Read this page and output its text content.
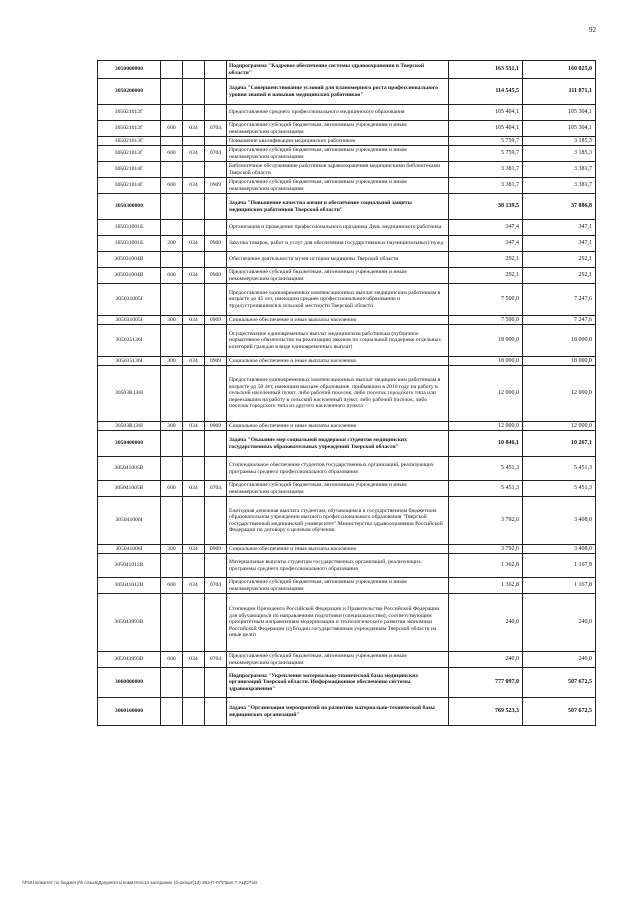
92
3050000000				Подпрограмма "Кадровое обеспечение системы здравоохранения в Тверской области"	163 531,1	160 025,0
3050200000				Задача "Совершенствование условий для планомерного роста профессионального уровня знаний и навыков медицинских работников"	114 545,5	111 871,1
305021012Г				Предоставление среднего профессионального медицинского образования	105 404,1	105 304,1
305021012Г	600	034	0704	Предоставление субсидий бюджетным, автономным учреждениям и иным некоммерческим организациям	105 404,1	105 304,1
305021013Г				Повышение квалификации медицинских работников	5 759,7	3 185,3
305021013Г	600	034	0704	Предоставление субсидий бюджетным, автономным учреждениям и иным некоммерческим организациям	5 759,7	3 185,3
305021014Г				Библиотечное обслуживание работников здравоохранения медицинскими библиотеками Тверской области	3 381,7	3 381,7
305021014Г	600	034	0909	Предоставление субсидий бюджетным, автономным учреждениям и иным некоммерческим организациям	3 381,7	3 381,7
3050300000				Задача "Повышение качества жизни и обеспечение социальной защиты медицинских работников Тверской области"	38 139,5	37 886,8
305031001Б				Организация и проведение профессионального праздника День медицинского работника	347,4	347,1
305031001Б	200	034	0909	Закупка товаров, работ и услуг для обеспечения государственных (муниципальных) нужд	347,4	347,1
305031004В				Обеспечение деятельности музея истории медицины Тверской области	292,1	292,1
305031004В	600	034	0909	Предоставление субсидий бюджетным, автономным учреждениям и иным некоммерческим организациям	292,1	292,1
305031005І				Предоставление единовременных компенсационных выплат медицинским работникам в возрасте до 45 лет, имеющим среднее профессиональное образование и трудоустроившимся в сельской местности Тверской области	7 500,0	7 247,6
305031005І	300	034	0909	Социальное обеспечение и иные выплаты населению	7 500,0	7 247,6
305035136І				Осуществление единовременных выплат медицинским работникам (публичное нормативное обязательство на реализацию законов по социальной поддержке отдельных категорий граждан в виде единовременных выплат)	18 000,0	18 000,0
305035136І	300	034	0909	Социальное обеспечение и иные выплаты населению	18 000,0	18 000,0
30503R136І				Предоставление единовременных компенсационных выплат медицинским работникам в возрасте до 50 лет, имеющим высшее образование, прибывшим в 2016 году на работу в сельский населенный пункт, либо рабочий поселок, либо поселок городского типа или переехавшим на работу в сельский населенный пункт, либо рабочий поселок, либо поселок городского типа из другого населенного пункта	12 000,0	12 000,0
30503R136І	300	034	0909	Социальное обеспечение и иные выплаты населению	12 000,0	12 000,0
3050400000				Задача "Оказание мер социальной поддержки студентов медицинских государственных образовательных учреждений Тверской области"	10 846,1	10 267,1
305041005В				Стипендиальное обеспечение студентов государственных организаций, реализующих программы среднего профессионального образования	5 451,3	5 451,3
305041005В	600	034	0704	Предоставление субсидий бюджетным, автономным учреждениям и иным некоммерческим организациям	5 451,3	5 451,3
305041006І				Ежегодная денежная выплата студентам, обучающимся в государственном бюджетном образовательном учреждении высшего профессионального образования "Тверской государственный медицинский университет" Министерства здравоохранения Российской Федерации по договору о целевом обучении	3 792,0	3 408,0
305041006І	300	034	0909	Социальное обеспечение и иные выплаты населению	3 792,0	3 408,0
305041012В				Материальные выплаты студентам государственных организаций, реализующих программы среднего профессионального образования	1 362,8	1 167,8
305041012В	600	034	0704	Предоставление субсидий бюджетным, автономным учреждениям и иным некоммерческим организациям	1 362,8	1 167,8
305043893В				Стипендии Президента Российской Федерации и Правительства Российской Федерации для обучающихся по направлениям подготовки (специальностям), соответствующим приоритетным направлениям модернизации и технологического развития экономики Российской Федерации (субсидии государственным учреждениям Тверской области на иные цели)	240,0	240,0
305043893В	600	034	0704	Предоставление субсидий бюджетным, автономным учреждениям и иным некоммерческим организациям	240,0	240,0
3060000000				Подпрограмма "Укрепление материально-технической базы медицинских организаций Тверской области. Информационное обеспечение системы здравоохранения"	777 097,0	507 672,5
3060100000				Задача "Организация мероприятий по развитию материально-технической базы медицинских организаций"	769 523,3	507 672,5
\\Fs01\комитет по бюджету\6 созыв\Документы комитета\13 заседание (б-ра\upr(13) 382-П-07\Прил 7 АЦСР.xls
